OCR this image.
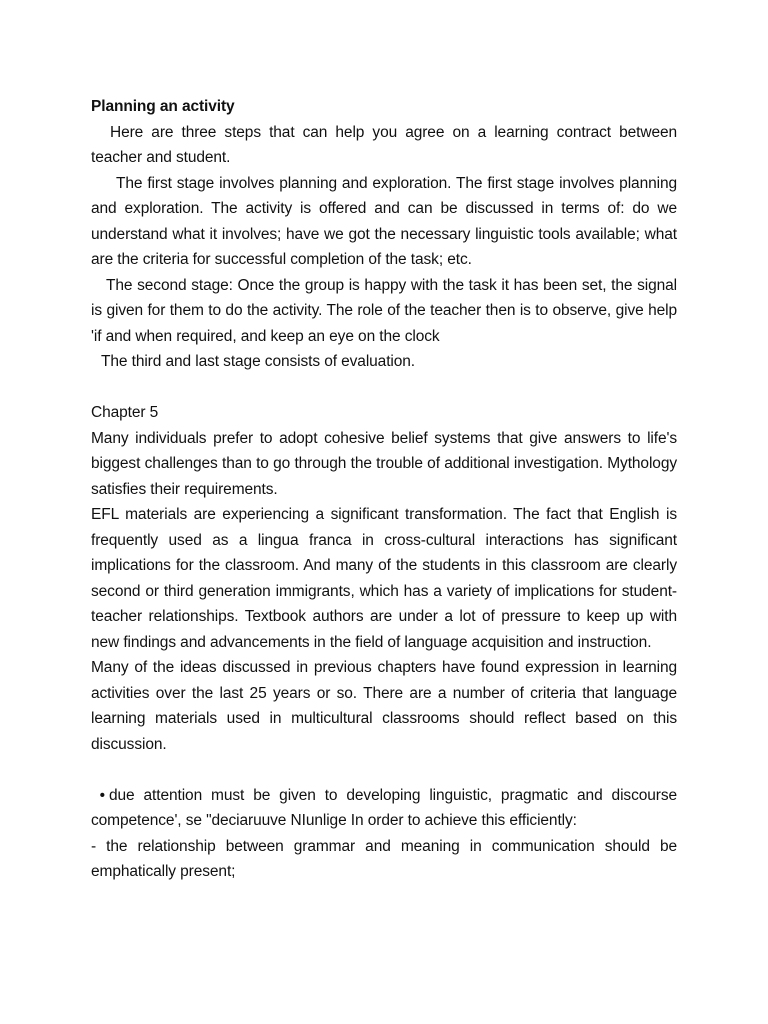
Planning an activity

Here are three steps that can help you agree on a learning contract between teacher and student.

The first stage involves planning and exploration. The first stage involves planning and exploration. The activity is offered and can be discussed in terms of: do we understand what it involves; have we got the necessary linguistic tools available; what are the criteria for successful completion of the task; etc.

The second stage: Once the group is happy with the task it has been set, the signal is given for them to do the activity. The role of the teacher then is to observe, give help 'if and when required, and keep an eye on the clock

The third and last stage consists of evaluation.

Chapter 5

Many individuals prefer to adopt cohesive belief systems that give answers to life's biggest challenges than to go through the trouble of additional investigation. Mythology satisfies their requirements.

EFL materials are experiencing a significant transformation. The fact that English is frequently used as a lingua franca in cross-cultural interactions has significant implications for the classroom. And many of the students in this classroom are clearly second or third generation immigrants, which has a variety of implications for student-teacher relationships. Textbook authors are under a lot of pressure to keep up with new findings and advancements in the field of language acquisition and instruction.

Many of the ideas discussed in previous chapters have found expression in learning activities over the last 25 years or so. There are a number of criteria that language learning materials used in multicultural classrooms should reflect based on this discussion.

• due attention must be given to developing linguistic, pragmatic and discourse competence', se "deciaruuve NIunlige In order to achieve this efficiently:

- the relationship between grammar and meaning in communication should be emphatically present;
